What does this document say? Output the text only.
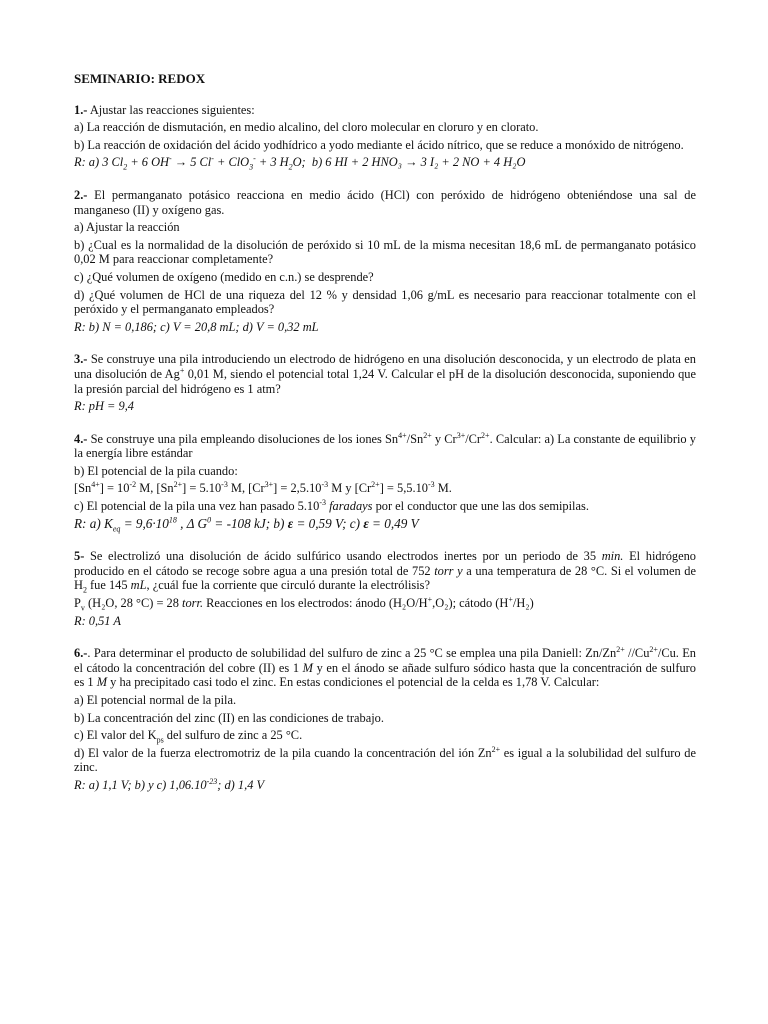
SEMINARIO: REDOX
1.- Ajustar las reacciones siguientes:
a) La reacción de dismutación, en medio alcalino, del cloro molecular en cloruro y en clorato.
b) La reacción de oxidación del ácido yodhídrico a yodo mediante el ácido nítrico, que se reduce a monóxido de nitrógeno.
R: a) 3 $Cl_2 + 6$ OH- → 5 Cl- + ClO$_3$- + 3 $H_2O$;  b) 6 HI + 2 HNO₃ → 3 I₂ + 2 NO + 4 H₂O
2.- El permanganato potásico reacciona en medio ácido (HCl) con peróxido de hidrógeno obteniéndose una sal de manganeso (II) y oxígeno gas.
a) Ajustar la reacción
b) ¿Cual es la normalidad de la disolución de peróxido si 10 mL de la misma necesitan 18,6 mL de permanganato potásico 0,02 M para reaccionar completamente?
c) ¿Qué volumen de oxígeno (medido en c.n.) se desprende?
d) ¿Qué volumen de HCl de una riqueza del 12 % y densidad 1,06 g/mL es necesario para reaccionar totalmente con el peróxido y el permanganato empleados?
R: b) N = 0,186; c) V = 20,8 mL; d) V = 0,32 mL
3.- Se construye una pila introduciendo un electrodo de hidrógeno en una disolución desconocida, y un electrodo de plata en una disolución de Ag+ 0,01 M, siendo el potencial total 1,24 V. Calcular el pH de la disolución desconocida, suponiendo que la presión parcial del hidrógeno es 1 atm?
R: pH = 9,4
4.- Se construye una pila empleando disoluciones de los iones $Sn^{4+}/Sn^{2+}$ y $Cr^{3+}/Cr^{2+}$. Calcular: a) La constante de equilibrio y la energía libre estándar
b) El potencial de la pila cuando:
$[Sn^{4+}] = 10^{-2}$ M, $[Sn^{2+}] = 5.10^{-3}$ M, $[Cr^{3+}] = 2,5.10^{-3}$ M y $[Cr^{2+}] = 5,5.10^{-3}$ M.
c) El potencial de la pila una vez han pasado $5.10^{-3}$ faradays por el conductor que une las dos semipilas.
R: a) $K_{eq} = 9,6\cdot 10^{18}$ , Δ $G^0 = -108$ kJ; b) ε = 0,59 V; c) ε = 0,49 V
5- Se electrolizó una disolución de ácido sulfúrico usando electrodos inertes por un periodo de 35 min. El hidrógeno producido en el cátodo se recoge sobre agua a una presión total de 752 torr y a una temperatura de 28 °C. Si el volumen de $H_2$ fue 145 mL, ¿cuál fue la corriente que circuló durante la electrólisis?
$P_v$ (H₂O, 28 °C) = 28 torr. Reacciones en los electrodos: ánodo (H₂O/H+,O₂); cátodo (H+/H₂)
R: 0,51 A
6.-. Para determinar el producto de solubilidad del sulfuro de zinc a 25 °C se emplea una pila Daniell: $Zn/Zn^{2+}$ $//Cu^{2+}/Cu$. En el cátodo la concentración del cobre (II) es 1 M y en el ánodo se añade sulfuro sódico hasta que la concentración de sulfuro es 1 M y ha precipitado casi todo el zinc. En estas condiciones el potencial de la celda es 1,78 V. Calcular:
a) El potencial normal de la pila.
b) La concentración del zinc (II) en las condiciones de trabajo.
c) El valor del $K_{ps}$ del sulfuro de zinc a 25 °C.
d) El valor de la fuerza electromotriz de la pila cuando la concentración del ión $Zn^{2+}$ es igual a la solubilidad del sulfuro de zinc.
R: a) 1,1 V; b) y c) $1,06.10^{-23}$; d) 1,4 V
